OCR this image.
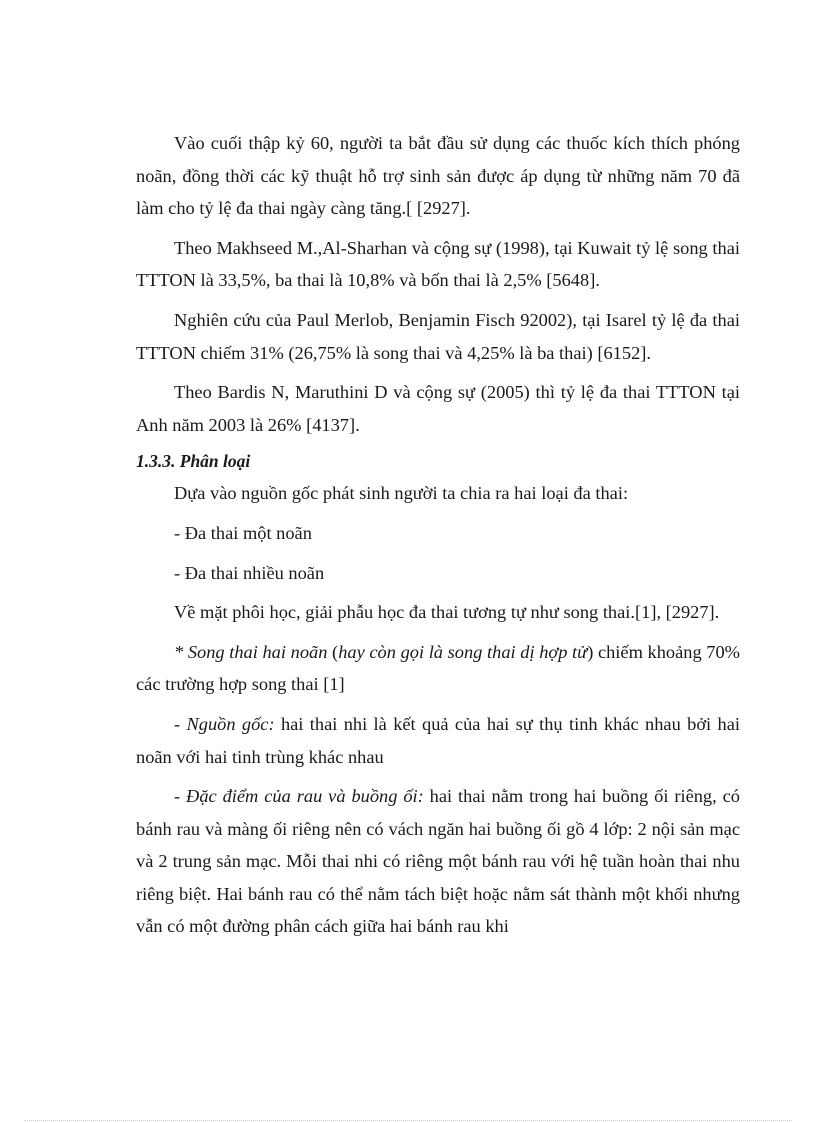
Vào cuối thập kỷ 60, người ta bắt đầu sử dụng các thuốc kích thích phóng noãn, đồng thời các kỹ thuật hỗ trợ sinh sản được áp dụng từ những năm 70 đã làm cho tỷ lệ đa thai ngày càng tăng.[ [2927].

Theo Makhseed M.,Al-Sharhan và cộng sự (1998), tại Kuwait tỷ lệ song thai TTTON là 33,5%, ba thai là 10,8% và bốn thai là 2,5% [5648].

Nghiên cứu của Paul Merlob, Benjamin Fisch 92002), tại Isarel tỷ lệ đa thai TTTON chiếm 31% (26,75% là song thai và 4,25% là ba thai) [6152].

Theo Bardis N, Maruthini D và cộng sự (2005) thì tỷ lệ đa thai TTTON tại Anh năm 2003 là 26% [4137].

1.3.3. Phân loại

Dựa vào nguồn gốc phát sinh người ta chia ra hai loại đa thai:

- Đa thai một noãn

- Đa thai nhiều noãn

Về mặt phôi học, giải phẫu học đa thai tương tự như song thai.[1], [2927].

* Song thai hai noãn (hay còn gọi là song thai dị hợp tử) chiếm khoảng 70% các trường hợp song thai [1]

- Nguồn gốc: hai thai nhi là kết quả của hai sự thụ tinh khác nhau bởi hai noãn với hai tinh trùng khác nhau

- Đặc điểm của rau và buồng ối: hai thai nằm trong hai buồng ối riêng, có bánh rau và màng ối riêng nên có vách ngăn hai buồng ối gồ 4 lớp: 2 nội sản mạc và 2 trung sản mạc. Mỗi thai nhi có riêng một bánh rau với hệ tuần hoàn thai nhu riêng biệt. Hai bánh rau có thể nằm tách biệt hoặc nằm sát thành một khối nhưng vẫn có một đường phân cách giữa hai bánh rau khi
